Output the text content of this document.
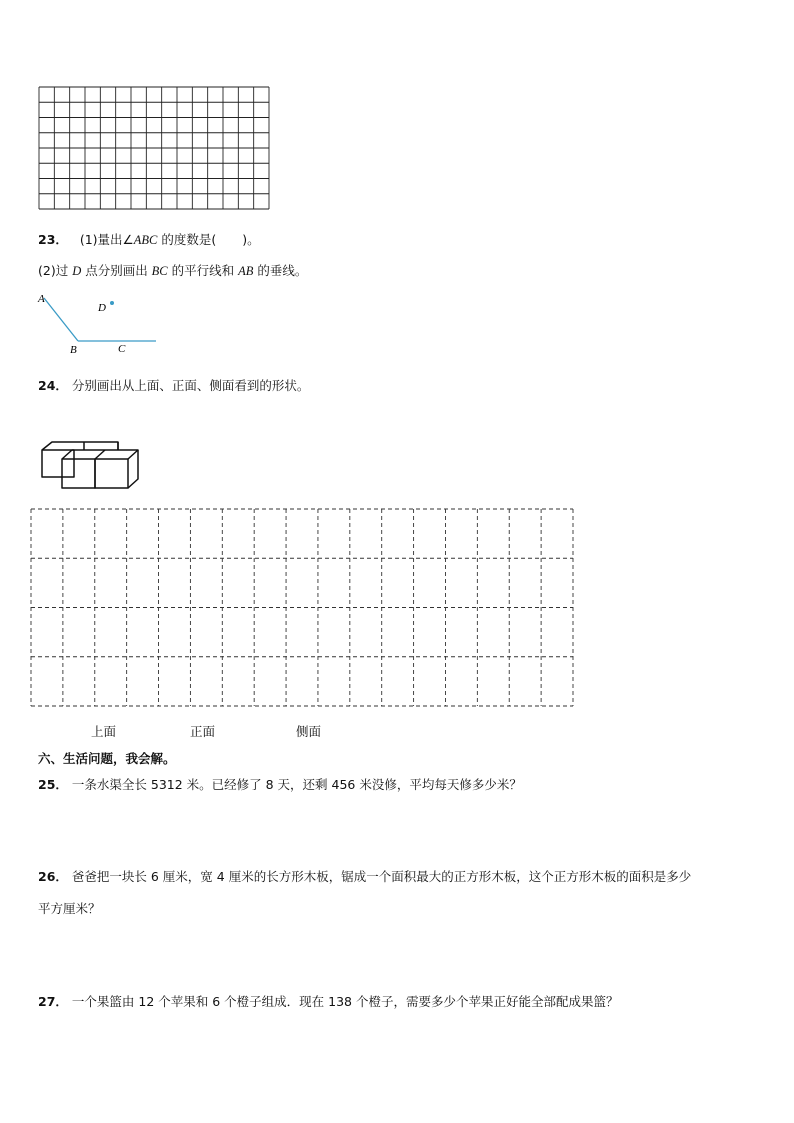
23． (1)量出∠ABC 的度数是( )。
(2)过 D 点分别画出 BC 的平行线和 AB 的垂线。
A
B	C
D
24． 分别画出从上面、正面、侧面看到的形状。
上面	正面	侧面
六、生活问题，我会解。
25． 一条水渠全长 5312 米。已经修了 8 天，还剩 456 米没修，平均每天修多少米？
26． 爸爸把一块长 6 厘米，宽 4 厘米的长方形木板，锯成一个面积最大的正方形木板，这个正方形木板的面积是多少
平方厘米？
27． 一个果篮由 12 个苹果和 6 个橙子组成．现在 138 个橙子，需要多少个苹果正好能全部配成果篮？
